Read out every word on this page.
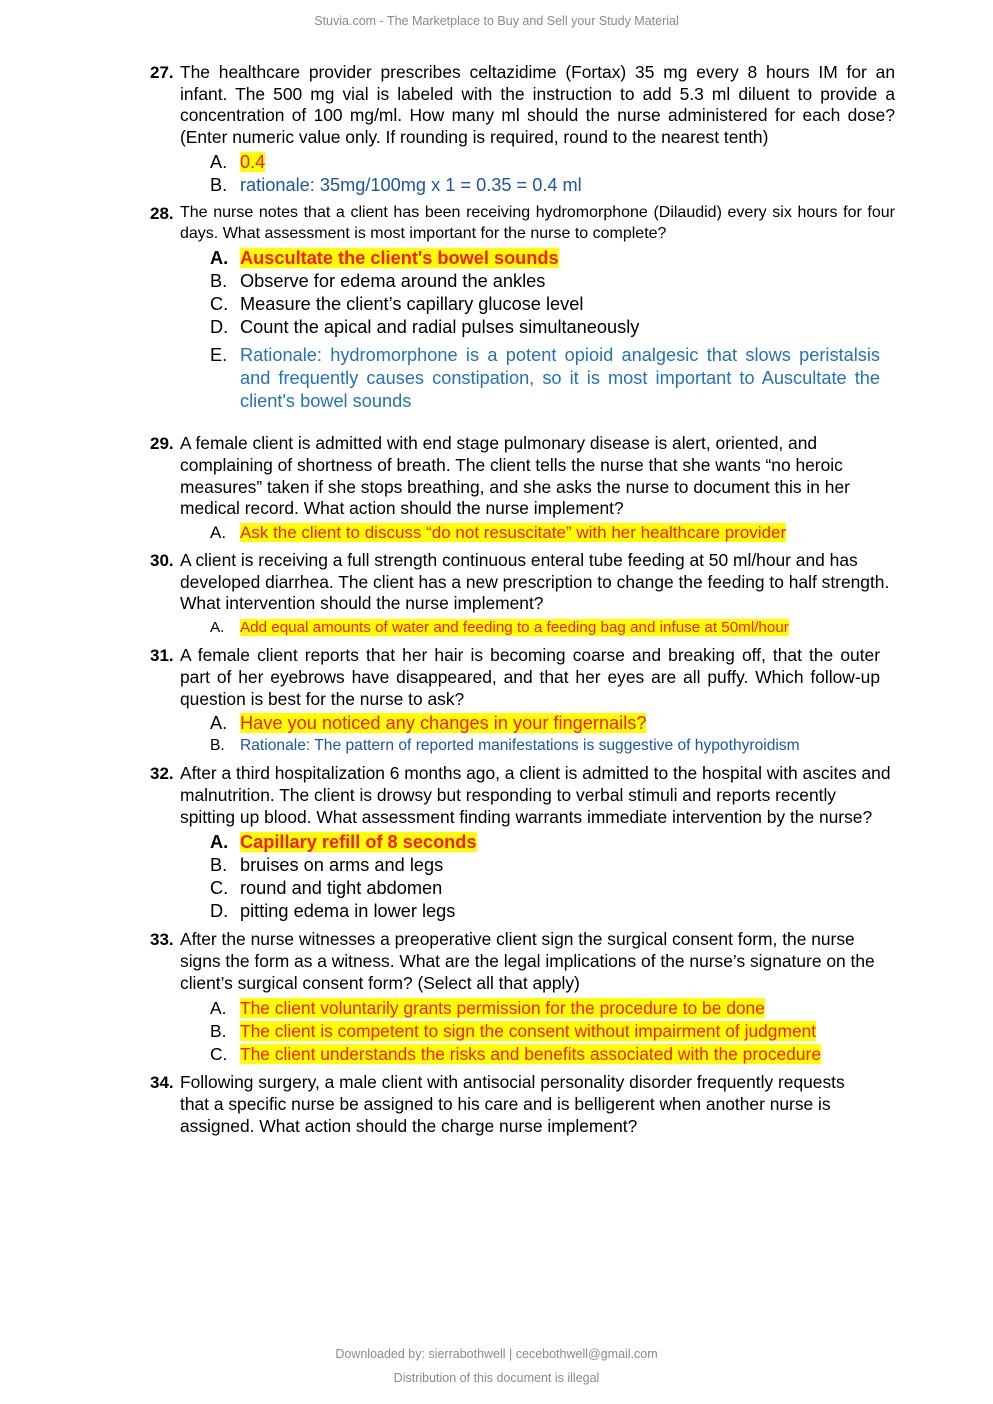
Stuvia.com - The Marketplace to Buy and Sell your Study Material
27. The healthcare provider prescribes celtazidime (Fortax) 35 mg every 8 hours IM for an infant. The 500 mg vial is labeled with the instruction to add 5.3 ml diluent to provide a concentration of 100 mg/ml. How many ml should the nurse administered for each dose? (Enter numeric value only. If rounding is required, round to the nearest tenth)
A. 0.4
B. rationale: 35mg/100mg x 1 = 0.35 = 0.4 ml
28. The nurse notes that a client has been receiving hydromorphone (Dilaudid) every six hours for four days. What assessment is most important for the nurse to complete?
A. Auscultate the client's bowel sounds
B. Observe for edema around the ankles
C. Measure the client’s capillary glucose level
D. Count the apical and radial pulses simultaneously
E. Rationale: hydromorphone is a potent opioid analgesic that slows peristalsis and frequently causes constipation, so it is most important to Auscultate the client's bowel sounds
29. A female client is admitted with end stage pulmonary disease is alert, oriented, and complaining of shortness of breath. The client tells the nurse that she wants “no heroic measures” taken if she stops breathing, and she asks the nurse to document this in her medical record. What action should the nurse implement?
A. Ask the client to discuss “do not resuscitate” with her healthcare provider
30. A client is receiving a full strength continuous enteral tube feeding at 50 ml/hour and has developed diarrhea. The client has a new prescription to change the feeding to half strength. What intervention should the nurse implement?
A. Add equal amounts of water and feeding to a feeding bag and infuse at 50ml/hour
31. A female client reports that her hair is becoming coarse and breaking off, that the outer part of her eyebrows have disappeared, and that her eyes are all puffy. Which follow-up question is best for the nurse to ask?
A. Have you noticed any changes in your fingernails?
B. Rationale: The pattern of reported manifestations is suggestive of hypothyroidism
32. After a third hospitalization 6 months ago, a client is admitted to the hospital with ascites and malnutrition. The client is drowsy but responding to verbal stimuli and reports recently spitting up blood. What assessment finding warrants immediate intervention by the nurse?
A. Capillary refill of 8 seconds
B. bruises on arms and legs
C. round and tight abdomen
D. pitting edema in lower legs
33. After the nurse witnesses a preoperative client sign the surgical consent form, the nurse signs the form as a witness. What are the legal implications of the nurse’s signature on the client’s surgical consent form? (Select all that apply)
A. The client voluntarily grants permission for the procedure to be done
B. The client is competent to sign the consent without impairment of judgment
C. The client understands the risks and benefits associated with the procedure
34. Following surgery, a male client with antisocial personality disorder frequently requests that a specific nurse be assigned to his care and is belligerent when another nurse is assigned. What action should the charge nurse implement?
Downloaded by: sierrabothwell | cecebothwell@gmail.com
Distribution of this document is illegal
